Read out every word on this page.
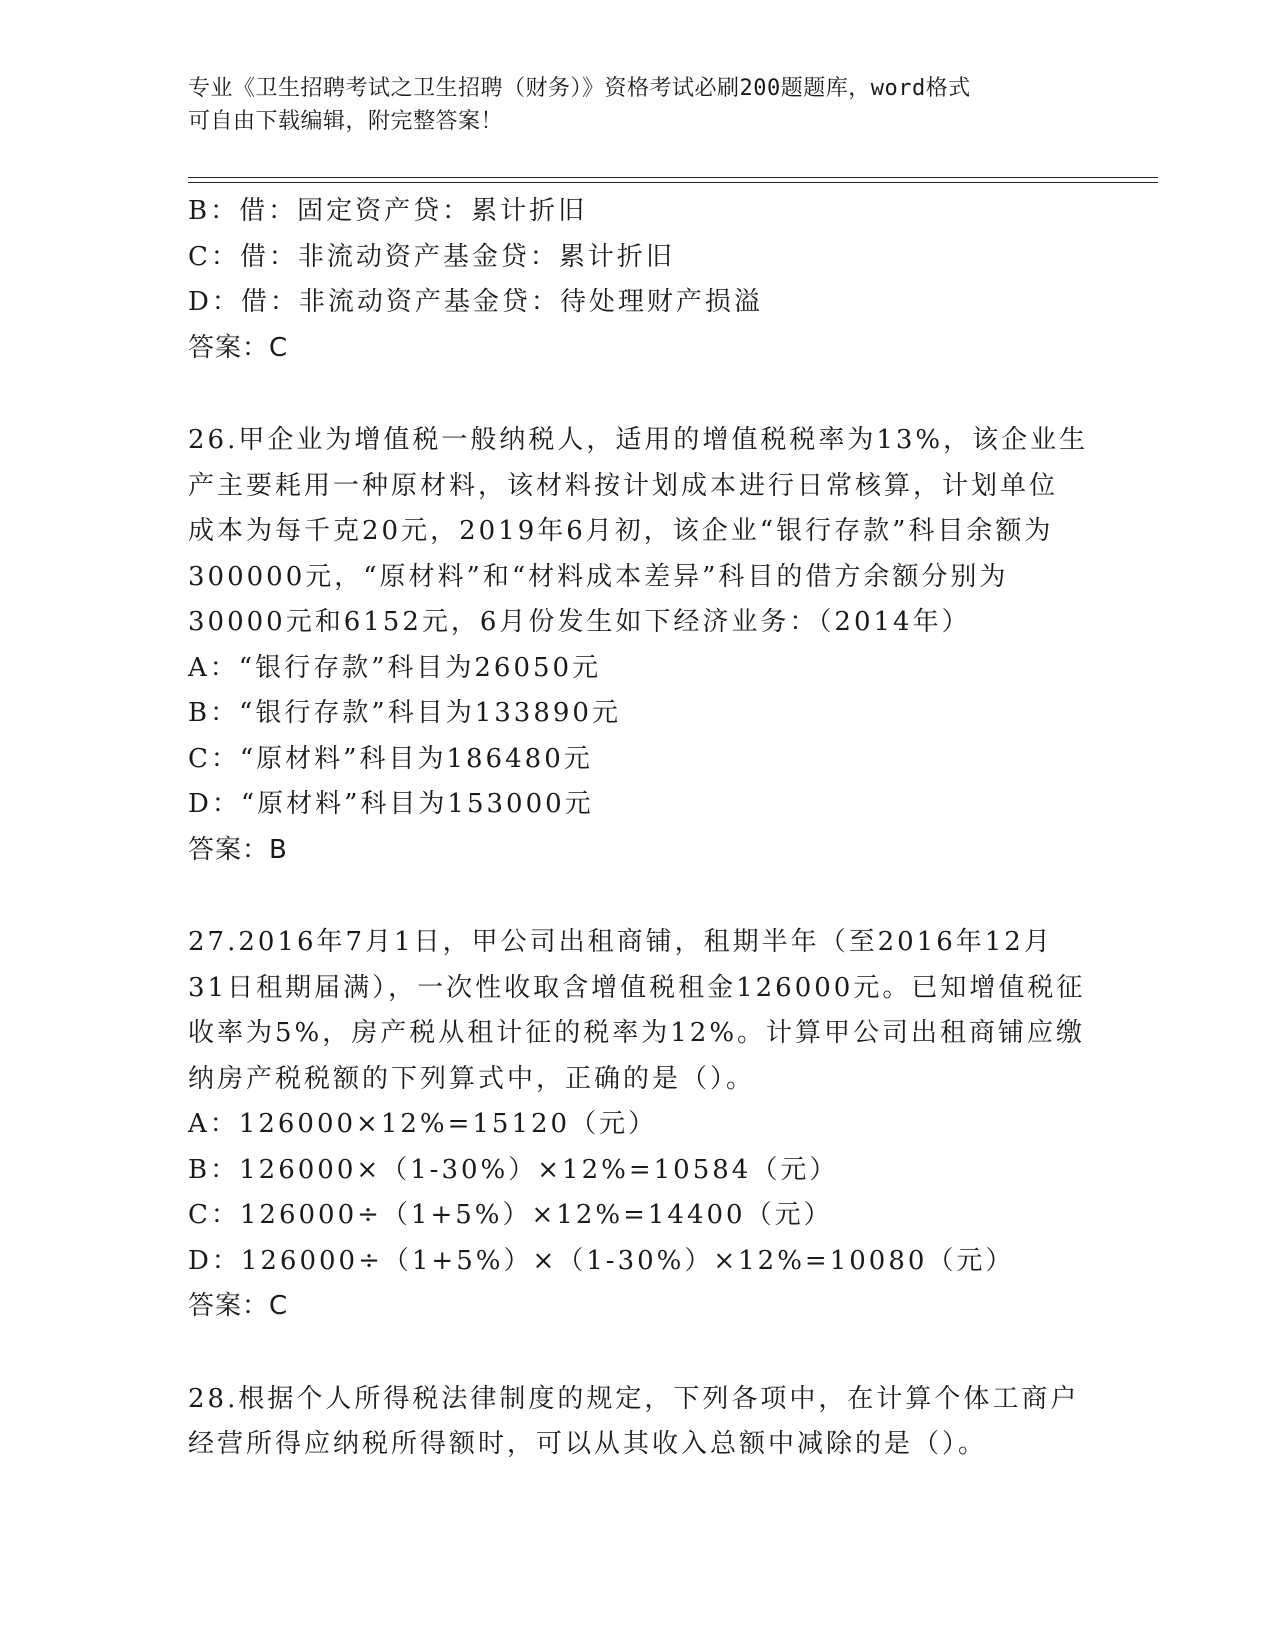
专业《卫生招聘考试之卫生招聘（财务）》资格考试必刷200题题库，word格式
可自由下载编辑，附完整答案！
B：借：固定资产贷：累计折旧
C：借：非流动资产基金贷：累计折旧
D：借：非流动资产基金贷：待处理财产损溢
答案：C
26.甲企业为增值税一般纳税人，适用的增值税税率为13%，该企业生
产主要耗用一种原材料，该材料按计划成本进行日常核算，计划单位
成本为每千克20元，2019年6月初，该企业“银行存款”科目余额为
300000元，“原材料”和“材料成本差异”科目的借方余额分别为
30000元和6152元，6月份发生如下经济业务：（2014年）
A：“银行存款”科目为26050元
B：“银行存款”科目为133890元
C：“原材料”科目为186480元
D：“原材料”科目为153000元
答案：B
27.2016年7月1日，甲公司出租商铺，租期半年（至2016年12月
31日租期届满），一次性收取含增值税租金126000元。已知增值税征
收率为5%，房产税从租计征的税率为12%。计算甲公司出租商铺应缴
纳房产税税额的下列算式中，正确的是（）。
A：126000×12%=15120（元）
B：126000×（1-30%）×12%=10584（元）
C：126000÷（1+5%）×12%=14400（元）
D：126000÷（1+5%）×（1-30%）×12%=10080（元）
答案：C
28.根据个人所得税法律制度的规定，下列各项中，在计算个体工商户
经营所得应纳税所得额时，可以从其收入总额中减除的是（）。
